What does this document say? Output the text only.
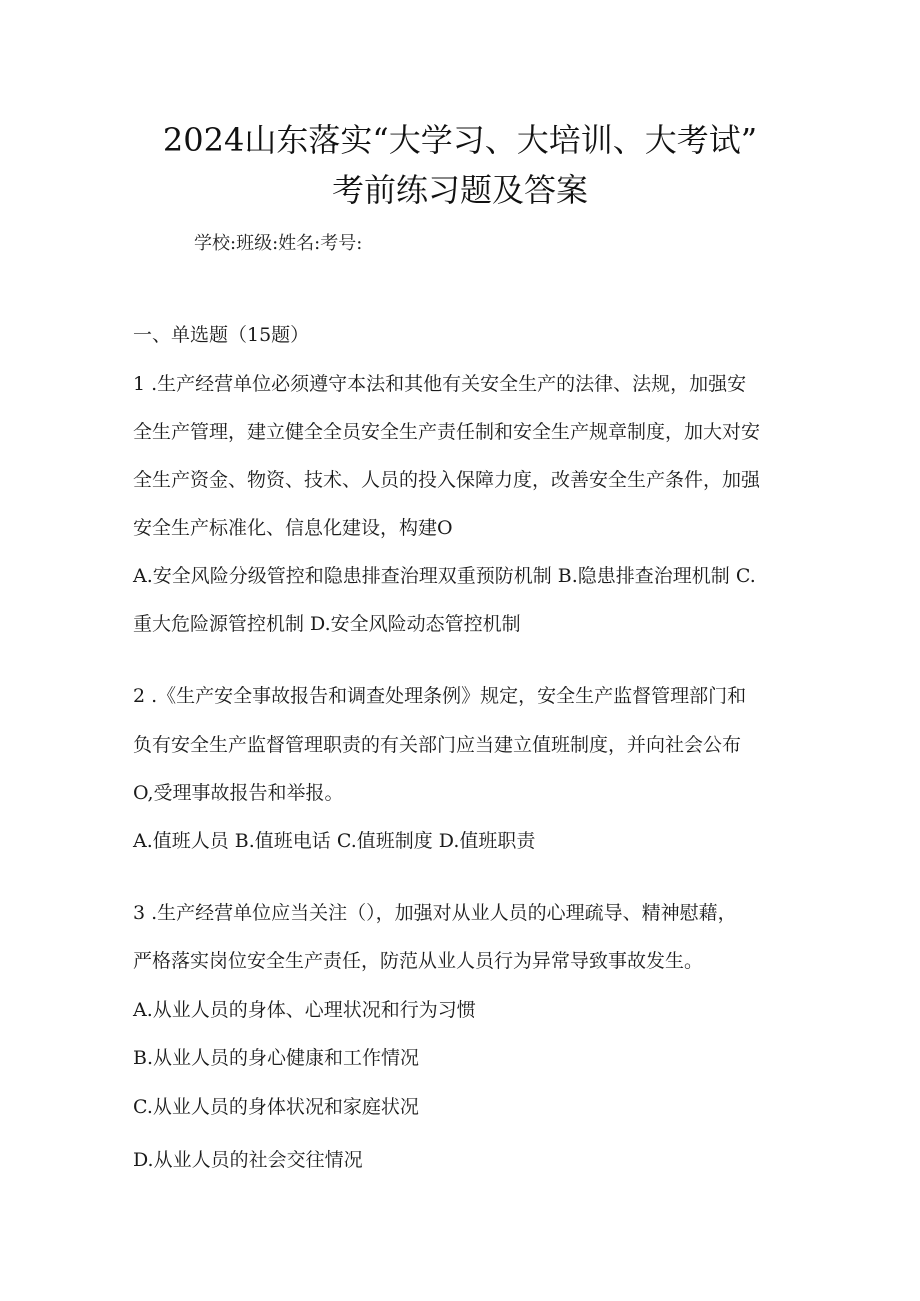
2024山东落实“大学习、大培训、大考试”
考前练习题及答案
学校:班级:姓名:考号:
一、单选题（15题）
1 .生产经营单位必须遵守本法和其他有关安全生产的法律、法规，加强安
全生产管理，建立健全全员安全生产责任制和安全生产规章制度，加大对安
全生产资金、物资、技术、人员的投入保障力度，改善安全生产条件，加强
安全生产标准化、信息化建设，构建O
A.安全风险分级管控和隐患排查治理双重预防机制 B.隐患排查治理机制 C.
重大危险源管控机制 D.安全风险动态管控机制
2 .《生产安全事故报告和调查处理条例》规定，安全生产监督管理部门和
负有安全生产监督管理职责的有关部门应当建立值班制度，并向社会公布
O,受理事故报告和举报。
A.值班人员 B.值班电话 C.值班制度 D.值班职责
3 .生产经营单位应当关注（），加强对从业人员的心理疏导、精神慰藉，
严格落实岗位安全生产责任，防范从业人员行为异常导致事故发生。
A.从业人员的身体、心理状况和行为习惯
B.从业人员的身心健康和工作情况
C.从业人员的身体状况和家庭状况
D.从业人员的社会交往情况
